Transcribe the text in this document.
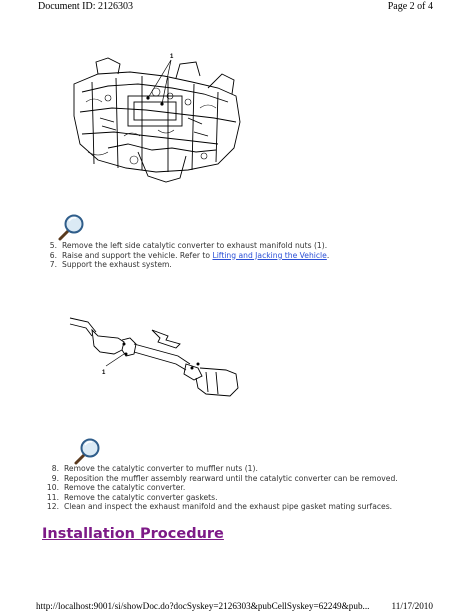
Document ID: 2126303	Page 2 of 4
1
5. Remove the left side catalytic converter to exhaust manifold nuts (1).
6. Raise and support the vehicle. Refer to Lifting and Jacking the Vehicle.
7. Support the exhaust system.
1
8. Remove the catalytic converter to muffler nuts (1).
9. Reposition the muffler assembly rearward until the catalytic converter can be removed.
10. Remove the catalytic converter.
11. Remove the catalytic converter gaskets.
12. Clean and inspect the exhaust manifold and the exhaust pipe gasket mating surfaces.
Installation Procedure
http://localhost:9001/si/showDoc.do?docSyskey=2126303&pubCellSyskey=62249&pub... 11/17/2010
